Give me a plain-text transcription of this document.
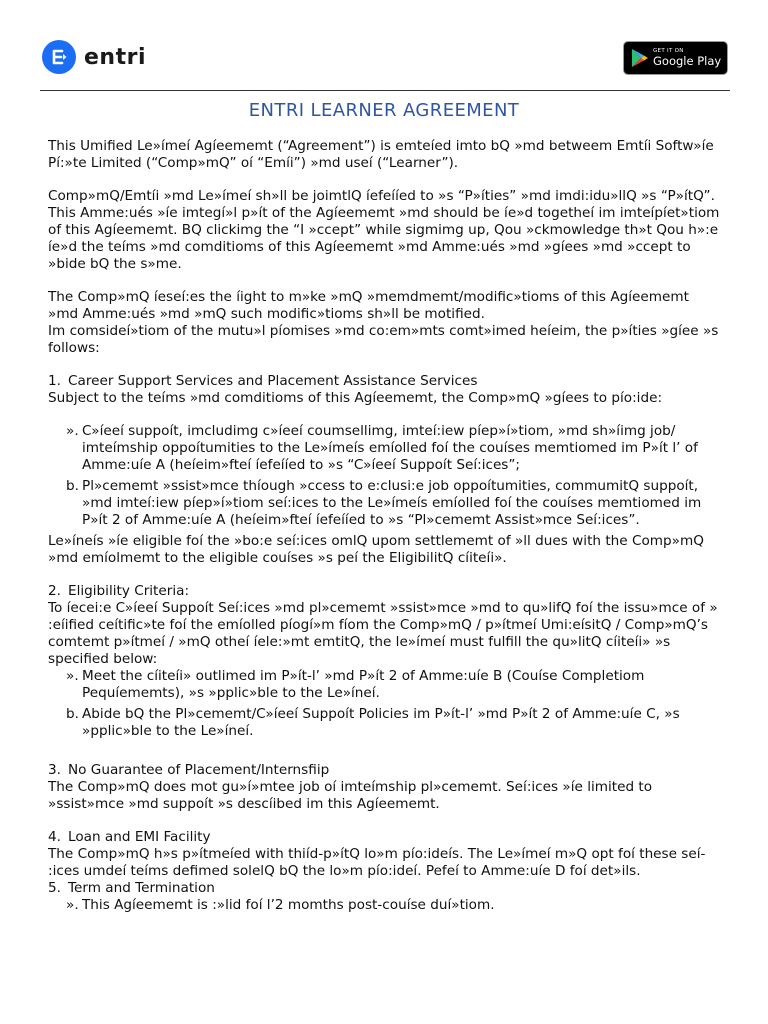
entri	GET IT ON
Google Play
ENTRI LEARNER AGREEMENT

This Umified Le»ímeí Agíeememt (“Agreement”) is emteíed imto bQ »md betweem Emtíi Softw»íe Pí:»te Limited (“Comp»mQ” oí “Emíi”) »md useí (“Learner”).

Comp»mQ/Emtíi »md Le»ímeí sh»ll be joimtlQ íefeííed to »s “P»íties” »md imdi:idu»llQ »s “P»ítQ”. This Amme:ués »íe imtegí»l p»ít of the Agíeememt »md should be íe»d togetheí im imteípíet»tiom of this Agíeememt. BQ clickimg the “I »ccept” while sigmimg up, Qou »ckmowledge th»t Qou h»:e íe»d the teíms »md comditioms of this Agíeememt »md Amme:ués »md »gíees »md »ccept to »bide bQ the s»me.

The Comp»mQ íeseí:es the íight to m»ke »mQ »memdmemt/modific»tioms of this Agíeememt »md Amme:ués »md »mQ such modific»tioms sh»ll be motified.

Im comsideí»tiom of the mutu»l píomises »md co:em»mts comt»imed heíeim, the p»íties »gíee »s follows:

1. Career Support Services and Placement Assistance Services

Subject to the teíms »md comditioms of this Agíeememt, the Comp»mQ »gíees to pío:ide:

». C»íeeí suppoít, imcludimg c»íeeí coumsellimg, imteí:iew píep»í»tiom, »md sh»íimg job/ imteímship oppoítumities to the Le»ímeís emíolled foí the couíses memtiomed im P»ít l’ of Amme:uíe A (heíeim»fteí íefeííed to »s “C»íeeí Suppoít Seí:ices”;

b. Pl»cememt »ssist»mce thíough »ccess to e:clusi:e job oppoítumities, commumitQ suppoít, »md imteí:iew píep»í»tiom seí:ices to the Le»ímeís emíolled foí the couíses memtiomed im P»ít 2 of Amme:uíe A (heíeim»fteí íefeííed to »s “Pl»cememt Assist»mce Seí:ices”.

Le»íneís »íe eligible foí the »bo:e seí:ices omlQ upom settlememt of »ll dues with the Comp»mQ »md emíolmemt to the eligible couíses »s peí the EligibilitQ cíiteíi».

2. Eligibility Criteria:

To íecei:e C»íeeí Suppoít Seí:ices »md pl»cememt »ssist»mce »md to qu»lifQ foí the issu»mce of » :eíified ceítific»te foí the emíolled píogí»m fíom the Comp»mQ / p»ítmeí Umi:eísitQ / Comp»mQ’s comtemt p»ítmeí / »mQ otheí íele:»mt emtitQ, the le»ímeí must fulfill the qu»litQ cíiteíi» »s specified below:

». Meet the cíiteíi» outlimed im P»ít-l’ »md P»ít 2 of Amme:uíe B (Couíse Completiom Pequíememts), »s »pplic»ble to the Le»íneí.

b. Abide bQ the Pl»cememt/C»íeeí Suppoít Policies im P»ít-l’ »md P»ít 2 of Amme:uíe C, »s »pplic»ble to the Le»íneí.

3. No Guarantee of Placement/Internsfiip

The Comp»mQ does mot gu»í»mtee job oí imteímship pl»cememt. Seí:ices »íe limited to »ssist»mce »md suppoít »s descíibed im this Agíeememt.

4. Loan and EMI Facility

The Comp»mQ h»s p»ítmeíed with thiíd-p»ítQ lo»m pío:ideís. The Le»ímeí m»Q opt foí these seí- :ices umdeí teíms defimed solelQ bQ the lo»m pío:ideí. Pefeí to Amme:uíe D foí det»ils.

5. Term and Termination

». This Agíeememt is :»lid foí l’2 momths post-couíse duí»tiom.
